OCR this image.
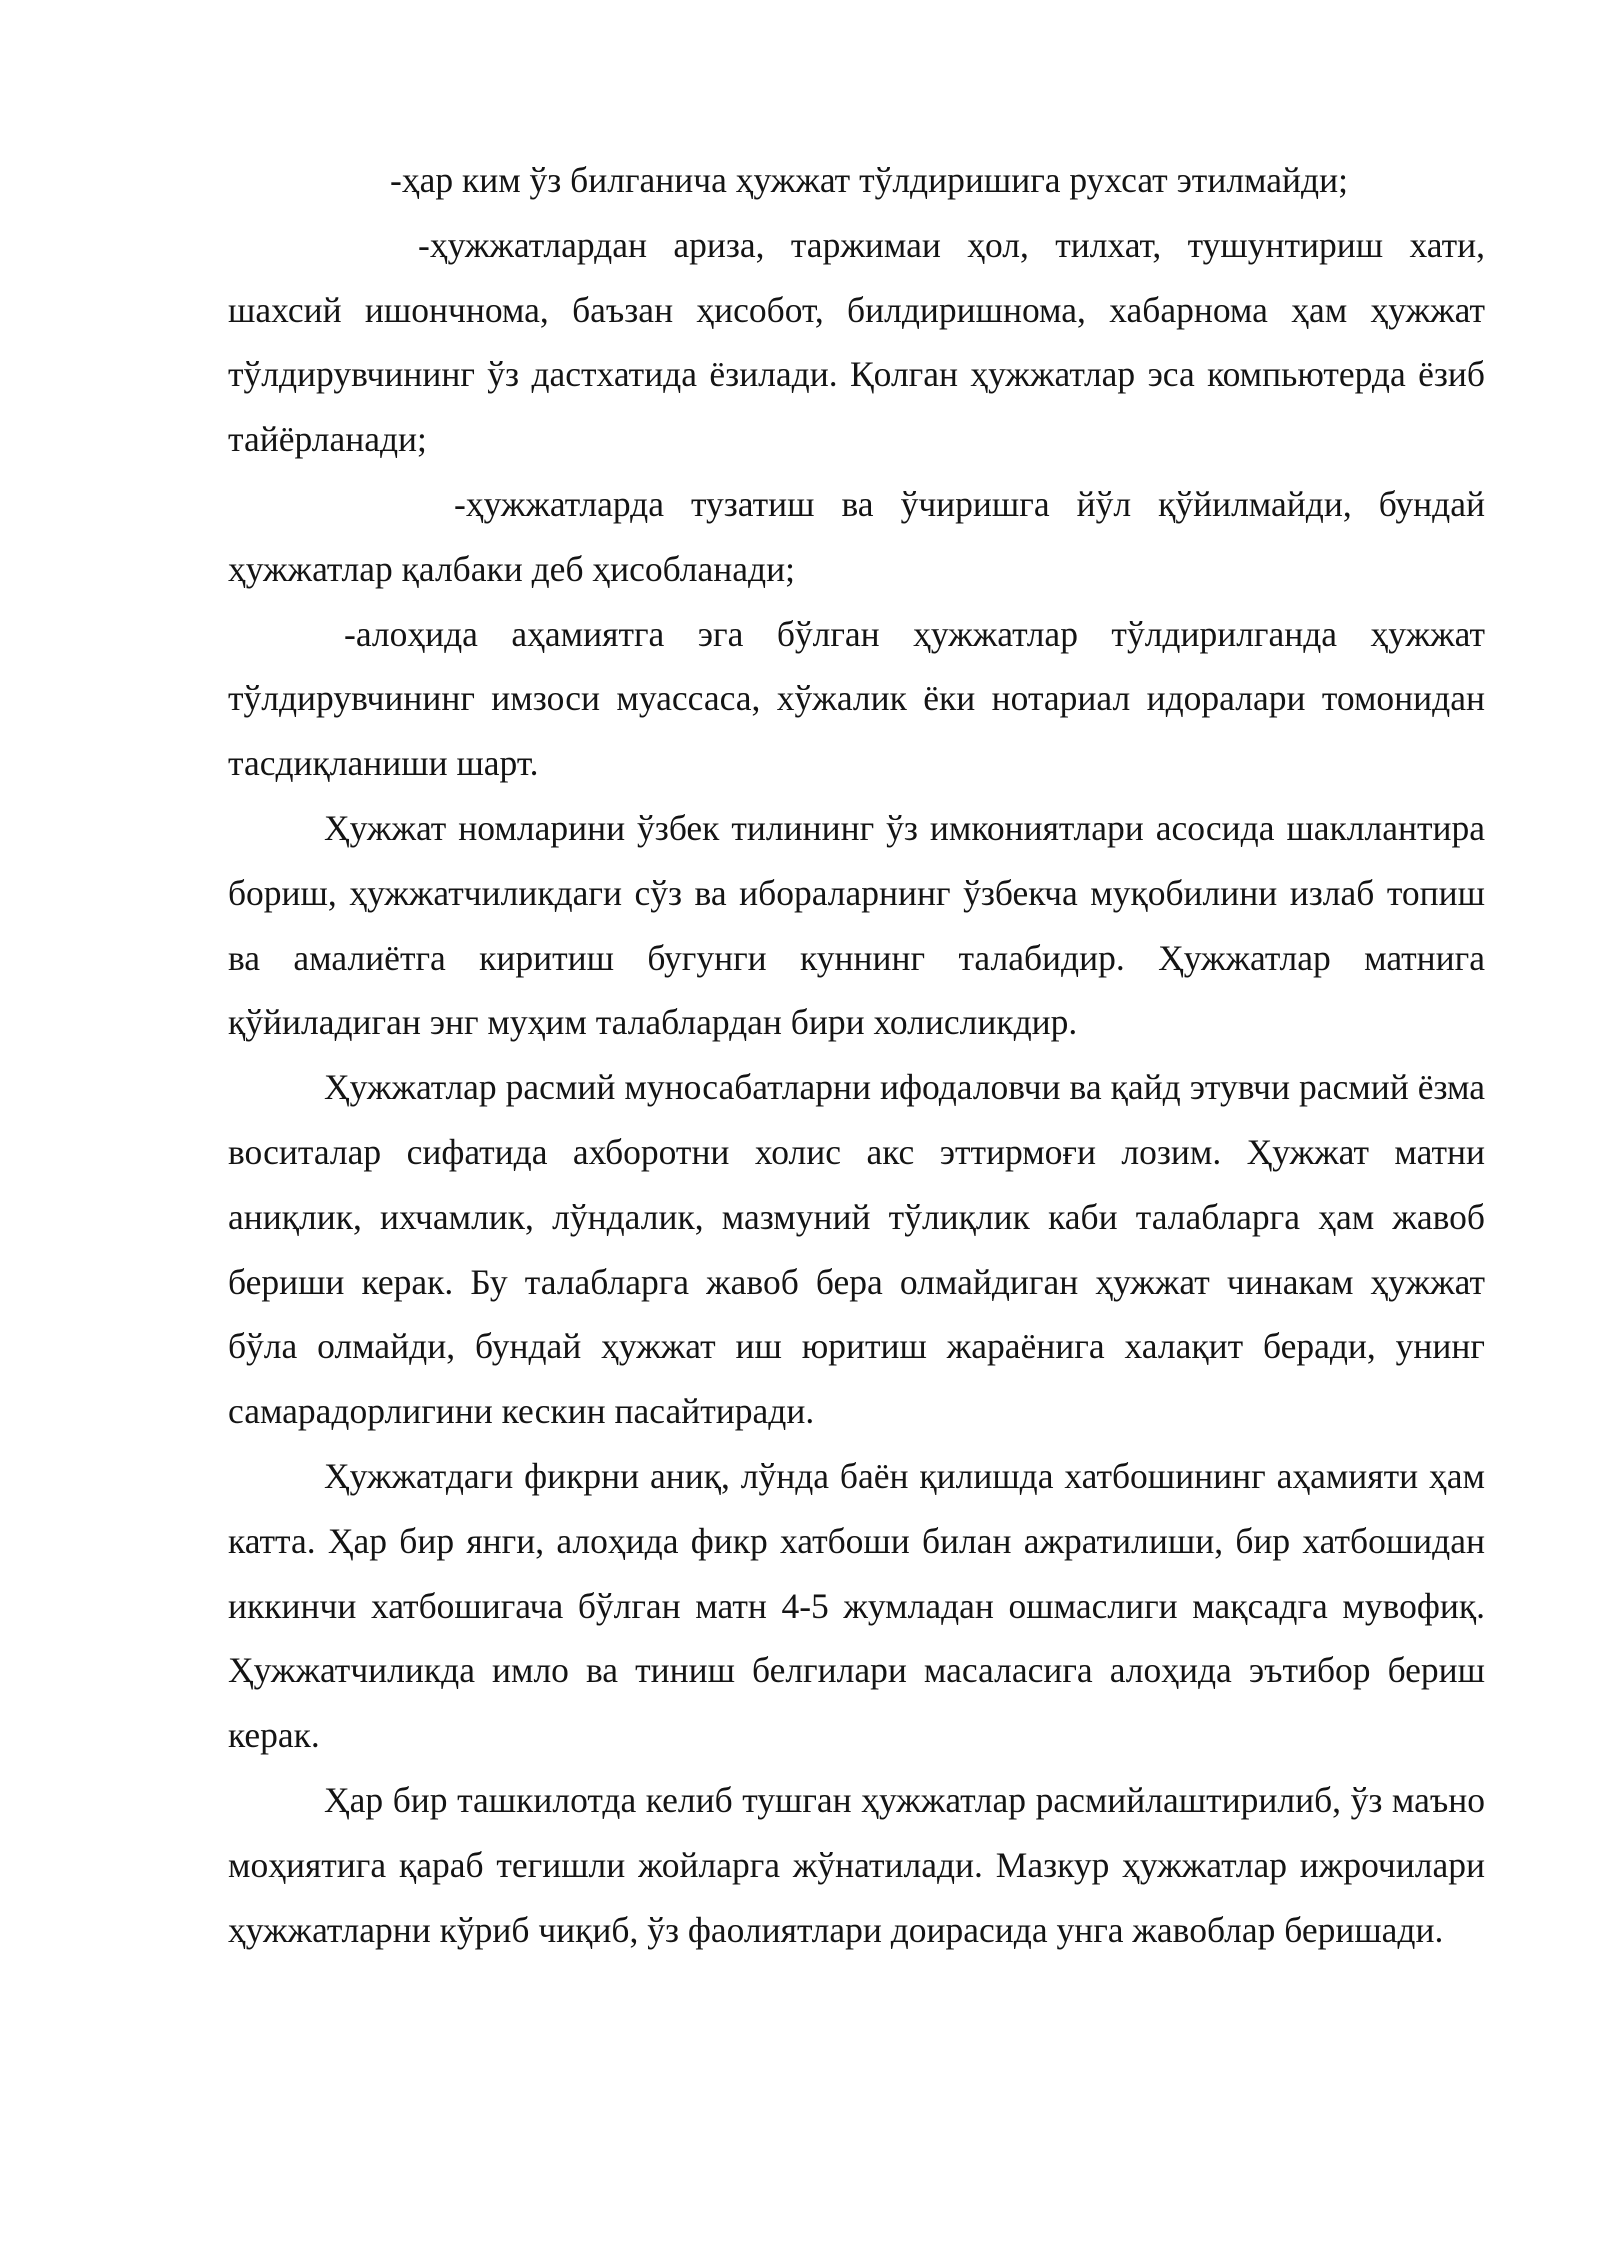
-ҳар ким ўз билганича ҳужжат тўлдиришига рухсат этилмайди;

-ҳужжатлардан ариза, таржимаи ҳол, тилхат, тушунтириш хати, шахсий ишончнома, баъзан ҳисобот, билдиришнома, хабарнома ҳам ҳужжат тўлдирувчининг ўз дастхатида ёзилади. Қолган ҳужжатлар эса компьютерда ёзиб тайёрланади;

-ҳужжатларда тузатиш ва ўчиришга йўл қўйилмайди, бундай ҳужжатлар қалбаки деб ҳисобланади;

-алоҳида аҳамиятга эга бўлган ҳужжатлар тўлдирилганда ҳужжат тўлдирувчининг имзоси муассаса, хўжалик ёки нотариал идоралари томонидан тасдиқланиши шарт.

Ҳужжат номларини ўзбек тилининг ўз имкониятлари асосида шакллантира бориш, ҳужжатчиликдаги сўз ва ибораларнинг ўзбекча муқобилини излаб топиш ва амалиётга киритиш бугунги куннинг талабидир. Ҳужжатлар матнига қўйиладиган энг муҳим талаблардан бири холисликдир.

Ҳужжатлар расмий муносабатларни ифодаловчи ва қайд этувчи расмий ёзма воситалар сифатида ахборотни холис акс эттирмоғи лозим. Ҳужжат матни аниқлик, ихчамлик, лўндалик, мазмуний тўлиқлик каби талабларга ҳам жавоб бериши керак. Бу талабларга жавоб бера олмайдиган ҳужжат чинакам ҳужжат бўла олмайди, бундай ҳужжат иш юритиш жараёнига халақит беради, унинг самарадорлигини кескин пасайтиради.

Ҳужжатдаги фикрни аниқ, лўнда баён қилишда хатбошининг аҳамияти ҳам катта. Ҳар бир янги, алоҳида фикр хатбоши билан ажратилиши, бир хатбошидан иккинчи хатбошигача бўлган матн 4-5 жумладан ошмаслиги мақсадга мувофиқ. Ҳужжатчиликда имло ва тиниш белгилари масаласига алоҳида эътибор бериш керак.

Ҳар бир ташкилотда келиб тушган ҳужжатлар расмийлаштирилиб, ўз маъно моҳиятига қараб тегишли жойларга жўнатилади. Мазкур ҳужжатлар ижрочилари ҳужжатларни кўриб чиқиб, ўз фаолиятлари доирасида унга жавоблар беришади.
